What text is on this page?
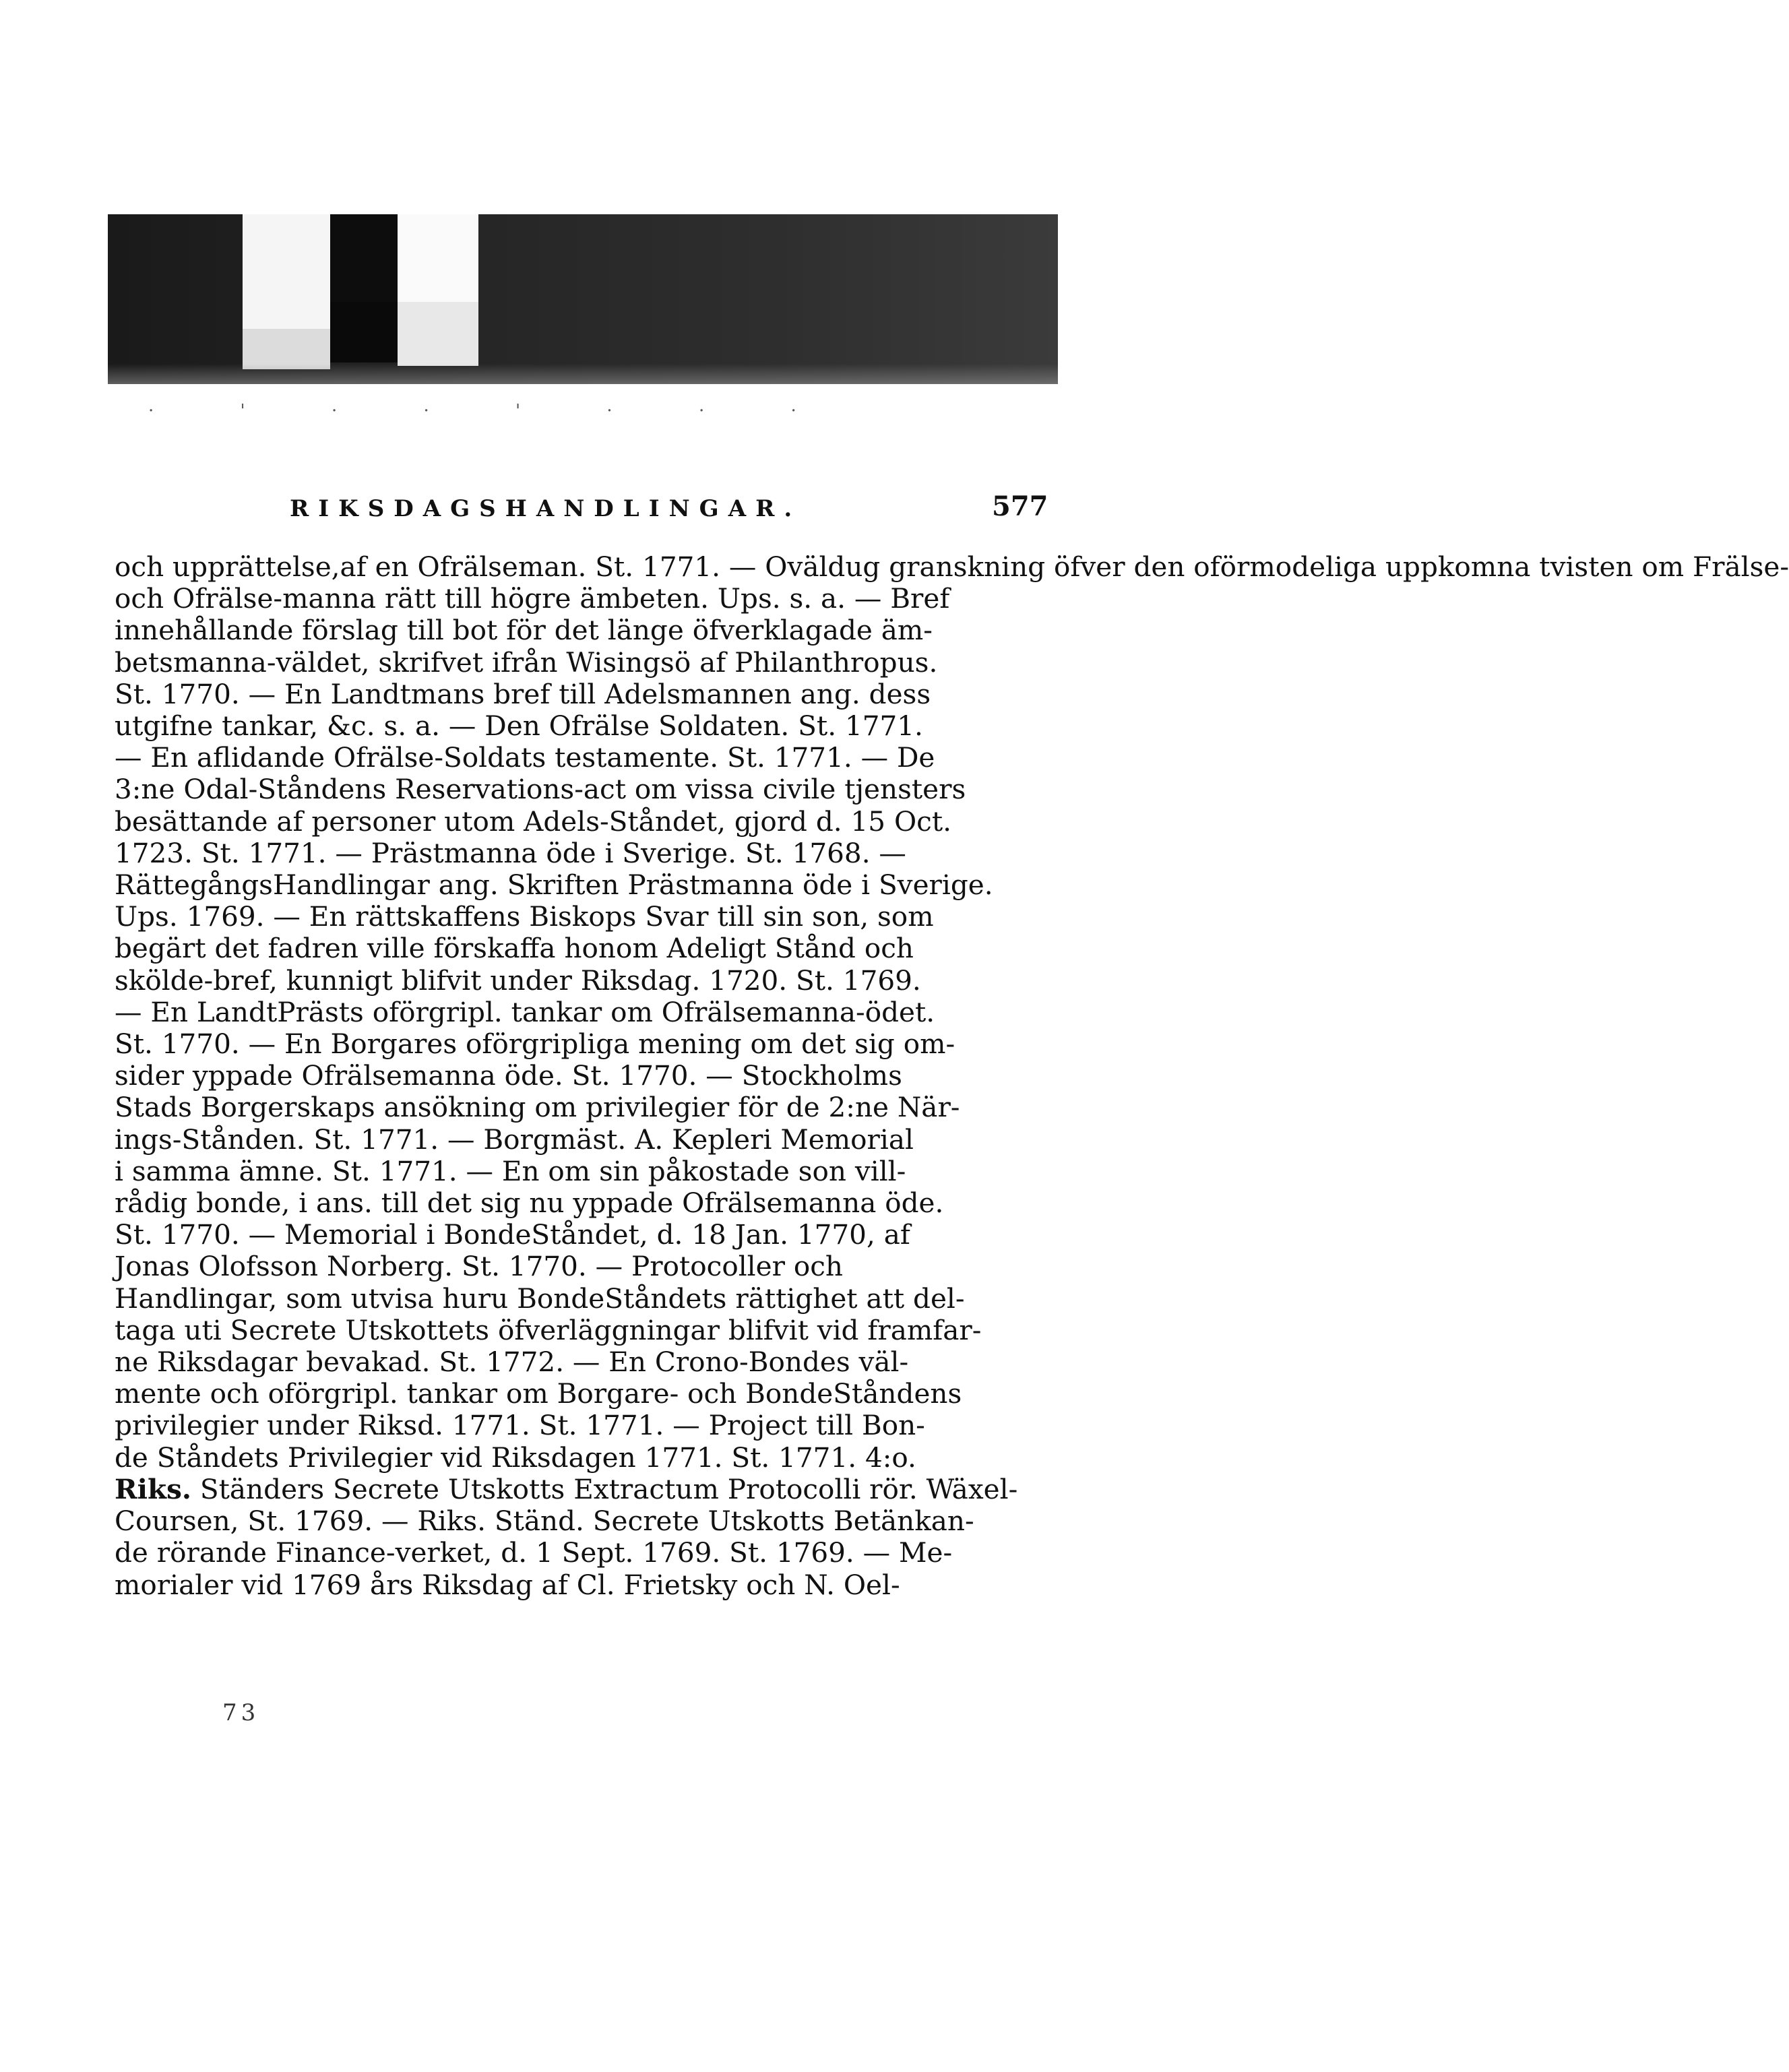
· ' · · ' · · ·
RIKSDAGSHANDLINGAR.	577
och upprättelse,af en Ofrälseman. St. 1771. — Oväldug granskning öfver den oförmodeliga uppkomna tvisten om Frälse-
och Ofrälse-manna rätt till högre ämbeten. Ups. s. a. — Bref
innehållande förslag till bot för det länge öfverklagade äm-
betsmanna-väldet, skrifvet ifrån Wisingsö af Philanthropus.
St. 1770. — En Landtmans bref till Adelsmannen ang. dess
utgifne tankar, &c. s. a. — Den Ofrälse Soldaten. St. 1771.
— En aflidande Ofrälse-Soldats testamente. St. 1771. — De
3:ne Odal-Ståndens Reservations-act om vissa civile tjensters
besättande af personer utom Adels-Ståndet, gjord d. 15 Oct.
1723. St. 1771. — Prästmanna öde i Sverige. St. 1768. —
RättegångsHandlingar ang. Skriften Prästmanna öde i Sverige.
Ups. 1769. — En rättskaffens Biskops Svar till sin son, som
begärt det fadren ville förskaffa honom Adeligt Stånd och
skölde-bref, kunnigt blifvit under Riksdag. 1720. St. 1769.
— En LandtPrästs oförgripl. tankar om Ofrälsemanna-ödet.
St. 1770. — En Borgares oförgripliga mening om det sig om-
sider yppade Ofrälsemanna öde. St. 1770. — Stockholms
Stads Borgerskaps ansökning om privilegier för de 2:ne När-
ings-Stånden. St. 1771. — Borgmäst. A. Kepleri Memorial
i samma ämne. St. 1771. — En om sin påkostade son vill-
rådig bonde, i ans. till det sig nu yppade Ofrälsemanna öde.
St. 1770. — Memorial i BondeStåndet, d. 18 Jan. 1770, af
Jonas Olofsson Norberg. St. 1770. — Protocoller och
Handlingar, som utvisa huru BondeStåndets rättighet att del-
taga uti Secrete Utskottets öfverläggningar blifvit vid framfar-
ne Riksdagar bevakad. St. 1772. — En Crono-Bondes väl-
mente och oförgripl. tankar om Borgare- och BondeStåndens
privilegier under Riksd. 1771. St. 1771. — Project till Bon-
de Ståndets Privilegier vid Riksdagen 1771. St. 1771. 4:o.
Riks. Ständers Secrete Utskotts Extractum Protocolli rör. Wäxel-
Coursen, St. 1769. — Riks. Ständ. Secrete Utskotts Betänkan-
de rörande Finance-verket, d. 1 Sept. 1769. St. 1769. — Me-
morialer vid 1769 års Riksdag af Cl. Frietsky och N. Oel-
73
